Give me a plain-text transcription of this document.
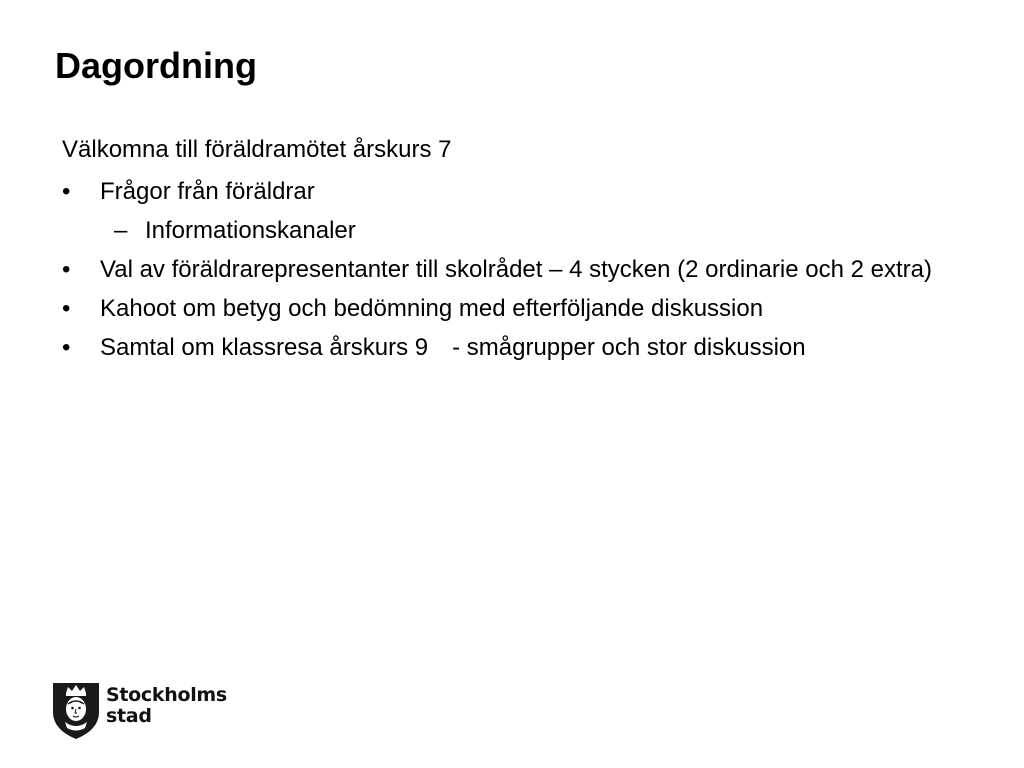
Dagordning
Välkomna till föräldramötet årskurs 7
•	Frågor från föräldrar
– Informationskanaler
•	Val av föräldrarepresentanter till skolrådet – 4 stycken (2 ordinarie och 2 extra)
•	Kahoot om betyg och bedömning med efterföljande diskussion
•	Samtal om klassresa årskurs 9 - smågrupper och stor diskussion
Stockholms
stad
